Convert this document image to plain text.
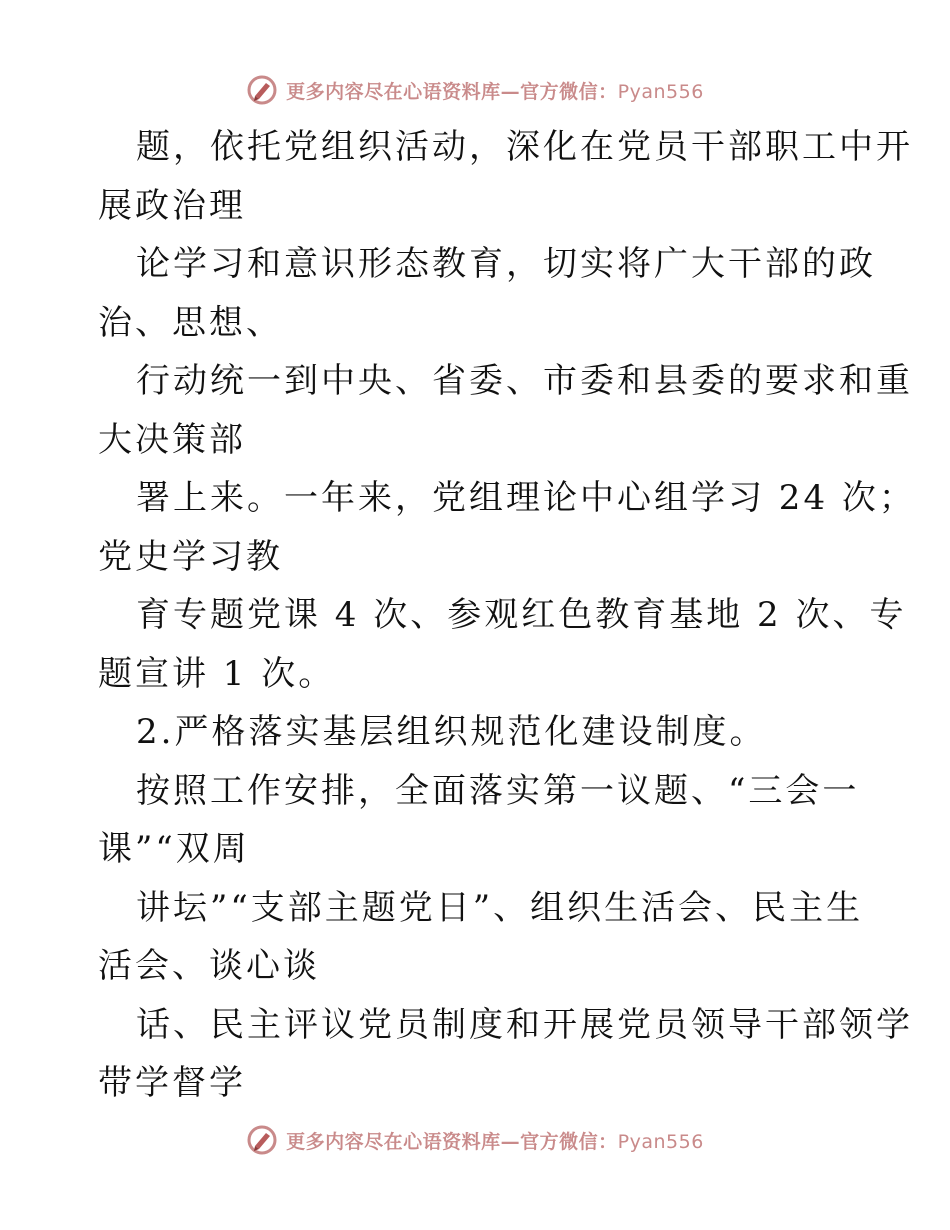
更多内容尽在心语资料库—官方微信：Pyan556

题，依托党组织活动，深化在党员干部职工中开
展政治理

论学习和意识形态教育，切实将广大干部的政
治、思想、

行动统一到中央、省委、市委和县委的要求和重
大决策部

署上来。一年来，党组理论中心组学习 24 次；
党史学习教

育专题党课 4 次、参观红色教育基地 2 次、专
题宣讲 1 次。

2.严格落实基层组织规范化建设制度。

按照工作安排，全面落实第一议题、“三会一
课”“双周

讲坛”“支部主题党日”、组织生活会、民主生
活会、谈心谈

话、民主评议党员制度和开展党员领导干部领学
带学督学

更多内容尽在心语资料库—官方微信：Pyan556
